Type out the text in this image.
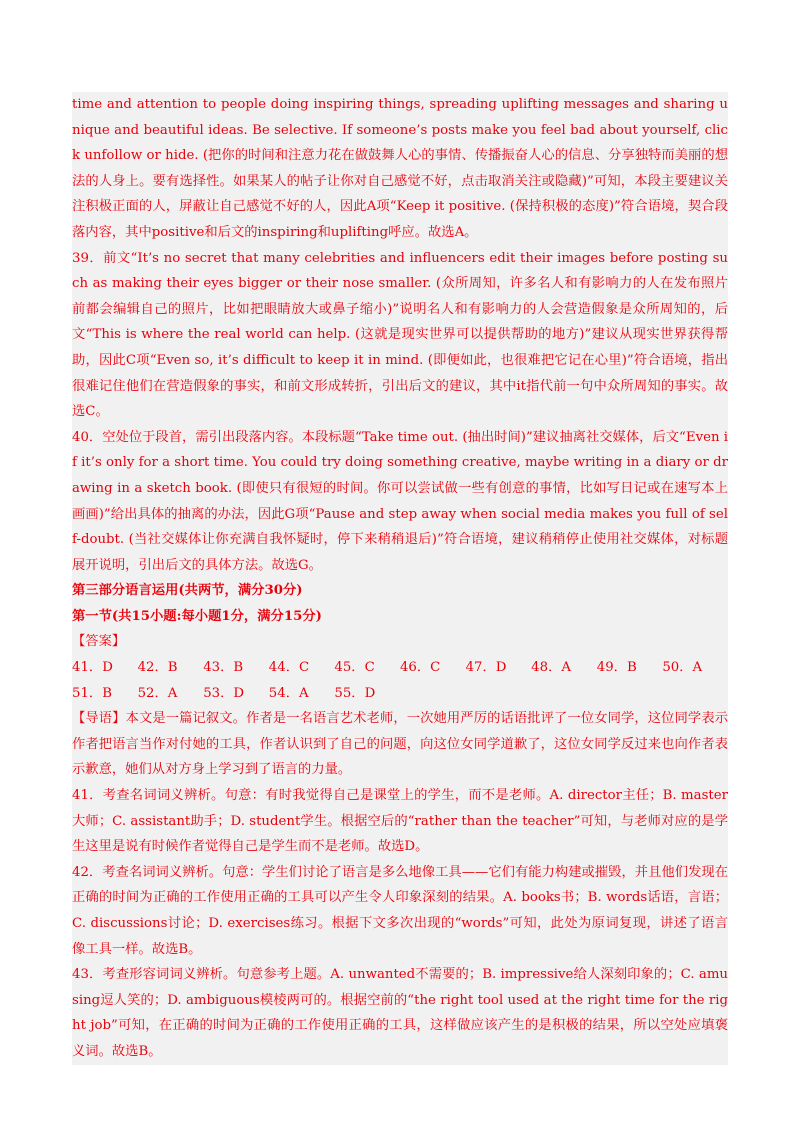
time and attention to people doing inspiring things, spreading uplifting messages and sharing unique and beautiful ideas. Be selective. If someone’s posts make you feel bad about yourself, click unfollow or hide. (把你的时间和注意力花在做鼓舞人心的事情、传播振奋人心的信息、分享独特而美丽的想法的人身上。要有选择性。如果某人的帖子让你对自己感觉不好，点击取消关注或隐藏)”可知，本段主要建议关注积极正面的人，屏蔽让自己感觉不好的人，因此A项“Keep it positive. (保持积极的态度)”符合语境，契合段落内容，其中positive和后文的inspiring和uplifting呼应。故选A。

39．前文“It’s no secret that many celebrities and influencers edit their images before posting such as making their eyes bigger or their nose smaller. (众所周知，许多名人和有影响力的人在发布照片前都会编辑自己的照片，比如把眼睛放大或鼻子缩小)”说明名人和有影响力的人会营造假象是众所周知的，后文“This is where the real world can help. (这就是现实世界可以提供帮助的地方)”建议从现实世界获得帮助，因此C项“Even so, it’s difficult to keep it in mind. (即便如此，也很难把它记在心里)”符合语境，指出很难记住他们在营造假象的事实，和前文形成转折，引出后文的建议，其中it指代前一句中众所周知的事实。故选C。

40．空处位于段首，需引出段落内容。本段标题“Take time out. (抽出时间)”建议抽离社交媒体，后文“Even if it’s only for a short time. You could try doing something creative, maybe writing in a diary or drawing in a sketch book. (即使只有很短的时间。你可以尝试做一些有创意的事情，比如写日记或在速写本上画画)”给出具体的抽离的办法，因此G项“Pause and step away when social media makes you full of self-doubt. (当社交媒体让你充满自我怀疑时，停下来稍稍退后)”符合语境，建议稍稍停止使用社交媒体，对标题展开说明，引出后文的具体方法。故选G。

第三部分语言运用(共两节，满分30分)

第一节(共15小题:每小题1分，满分15分)

【答案】

41．D	42．B	43．B	44．C	45．C	46．C	47．D	48．A	49．B	50．A
51．B	52．A	53．D	54．A	55．D

【导语】本文是一篇记叙文。作者是一名语言艺术老师，一次她用严厉的话语批评了一位女同学，这位同学表示作者把语言当作对付她的工具，作者认识到了自己的问题，向这位女同学道歉了，这位女同学反过来也向作者表示歉意，她们从对方身上学习到了语言的力量。

41．考查名词词义辨析。句意：有时我觉得自己是课堂上的学生，而不是老师。A. director主任；B. master大师；C. assistant助手；D. student学生。根据空后的“rather than the teacher”可知，与老师对应的是学生这里是说有时候作者觉得自己是学生而不是老师。故选D。

42．考查名词词义辨析。句意：学生们讨论了语言是多么地像工具——它们有能力构建或摧毁，并且他们发现在正确的时间为正确的工作使用正确的工具可以产生令人印象深刻的结果。A. books书；B. words话语，言语；C. discussions讨论；D. exercises练习。根据下文多次出现的“words”可知，此处为原词复现，讲述了语言像工具一样。故选B。

43．考查形容词词义辨析。句意参考上题。A. unwanted不需要的；B. impressive给人深刻印象的；C. amusing逗人笑的；D. ambiguous模棱两可的。根据空前的“the right tool used at the right time for the right job”可知，在正确的时间为正确的工作使用正确的工具，这样做应该产生的是积极的结果，所以空处应填褒义词。故选B。
